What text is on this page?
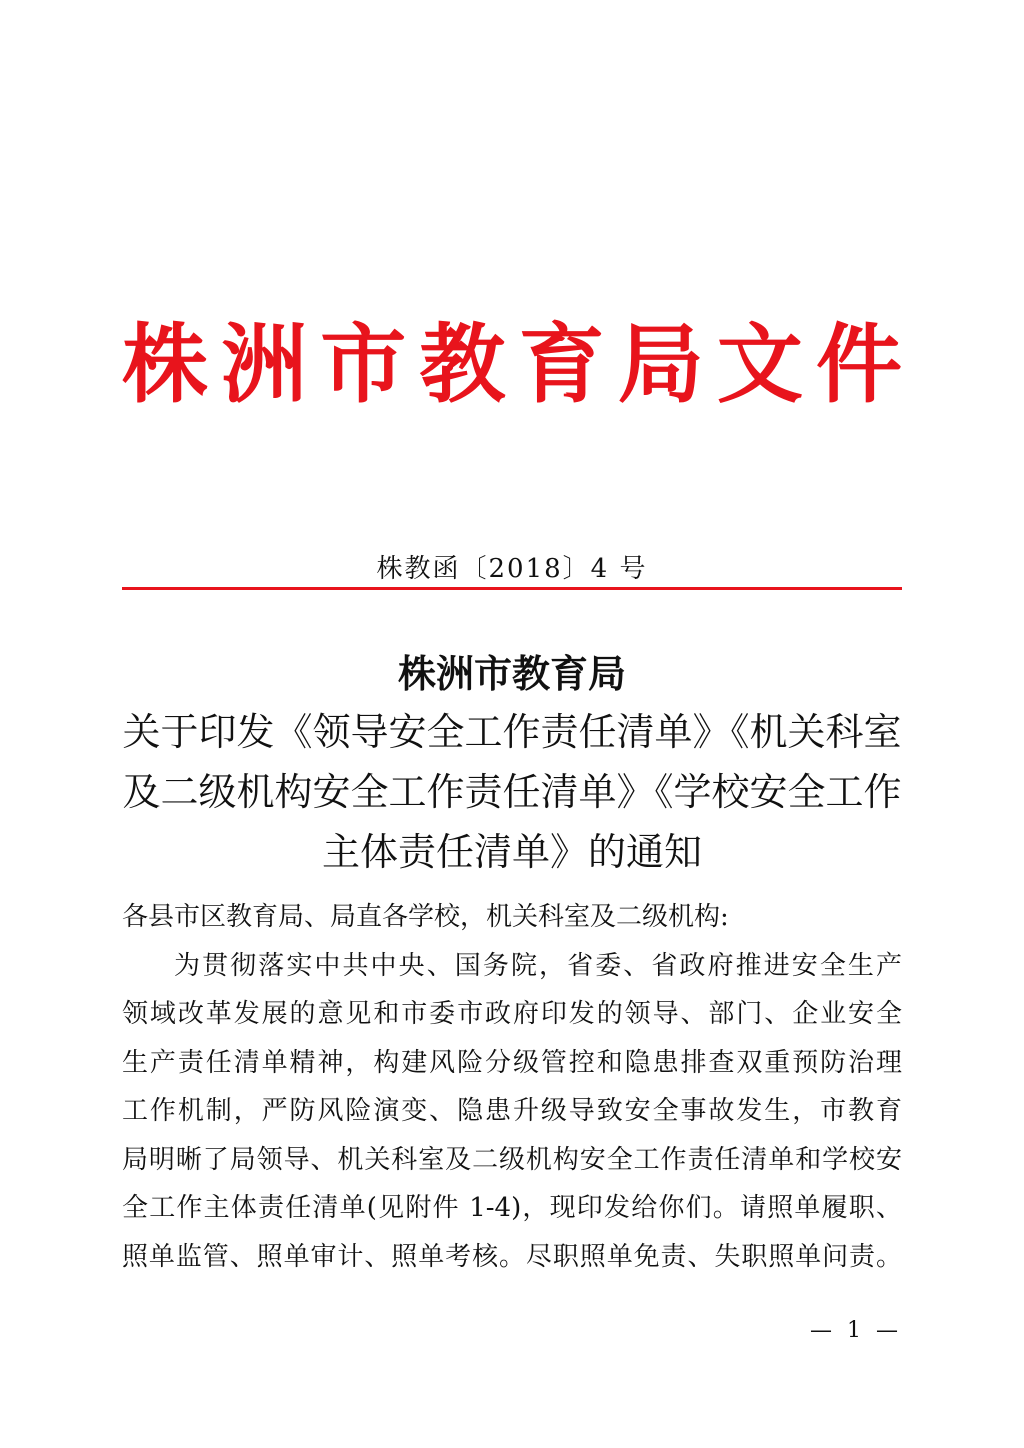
株 洲 市 教 育 局 文 件
株教函〔2018〕4 号
株洲市教育局
关于印发《领导安全工作责任清单》《机关科室
及二级机构安全工作责任清单》《学校安全工作
主体责任清单》的通知

各县市区教育局、局直各学校，机关科室及二级机构:

为贯彻落实中共中央、国务院，省委、省政府推进安全生产

领域改革发展的意见和市委市政府印发的领导、部门、企业安全

生产责任清单精神，构建风险分级管控和隐患排查双重预防治理

工作机制，严防风险演变、隐患升级导致安全事故发生，市教育

局明晰了局领导、机关科室及二级机构安全工作责任清单和学校安

全工作主体责任清单(见附件 1-4)，现印发给你们。请照单履职、

照单监管、照单审计、照单考核。尽职照单免责、失职照单问责。

— 1 —
